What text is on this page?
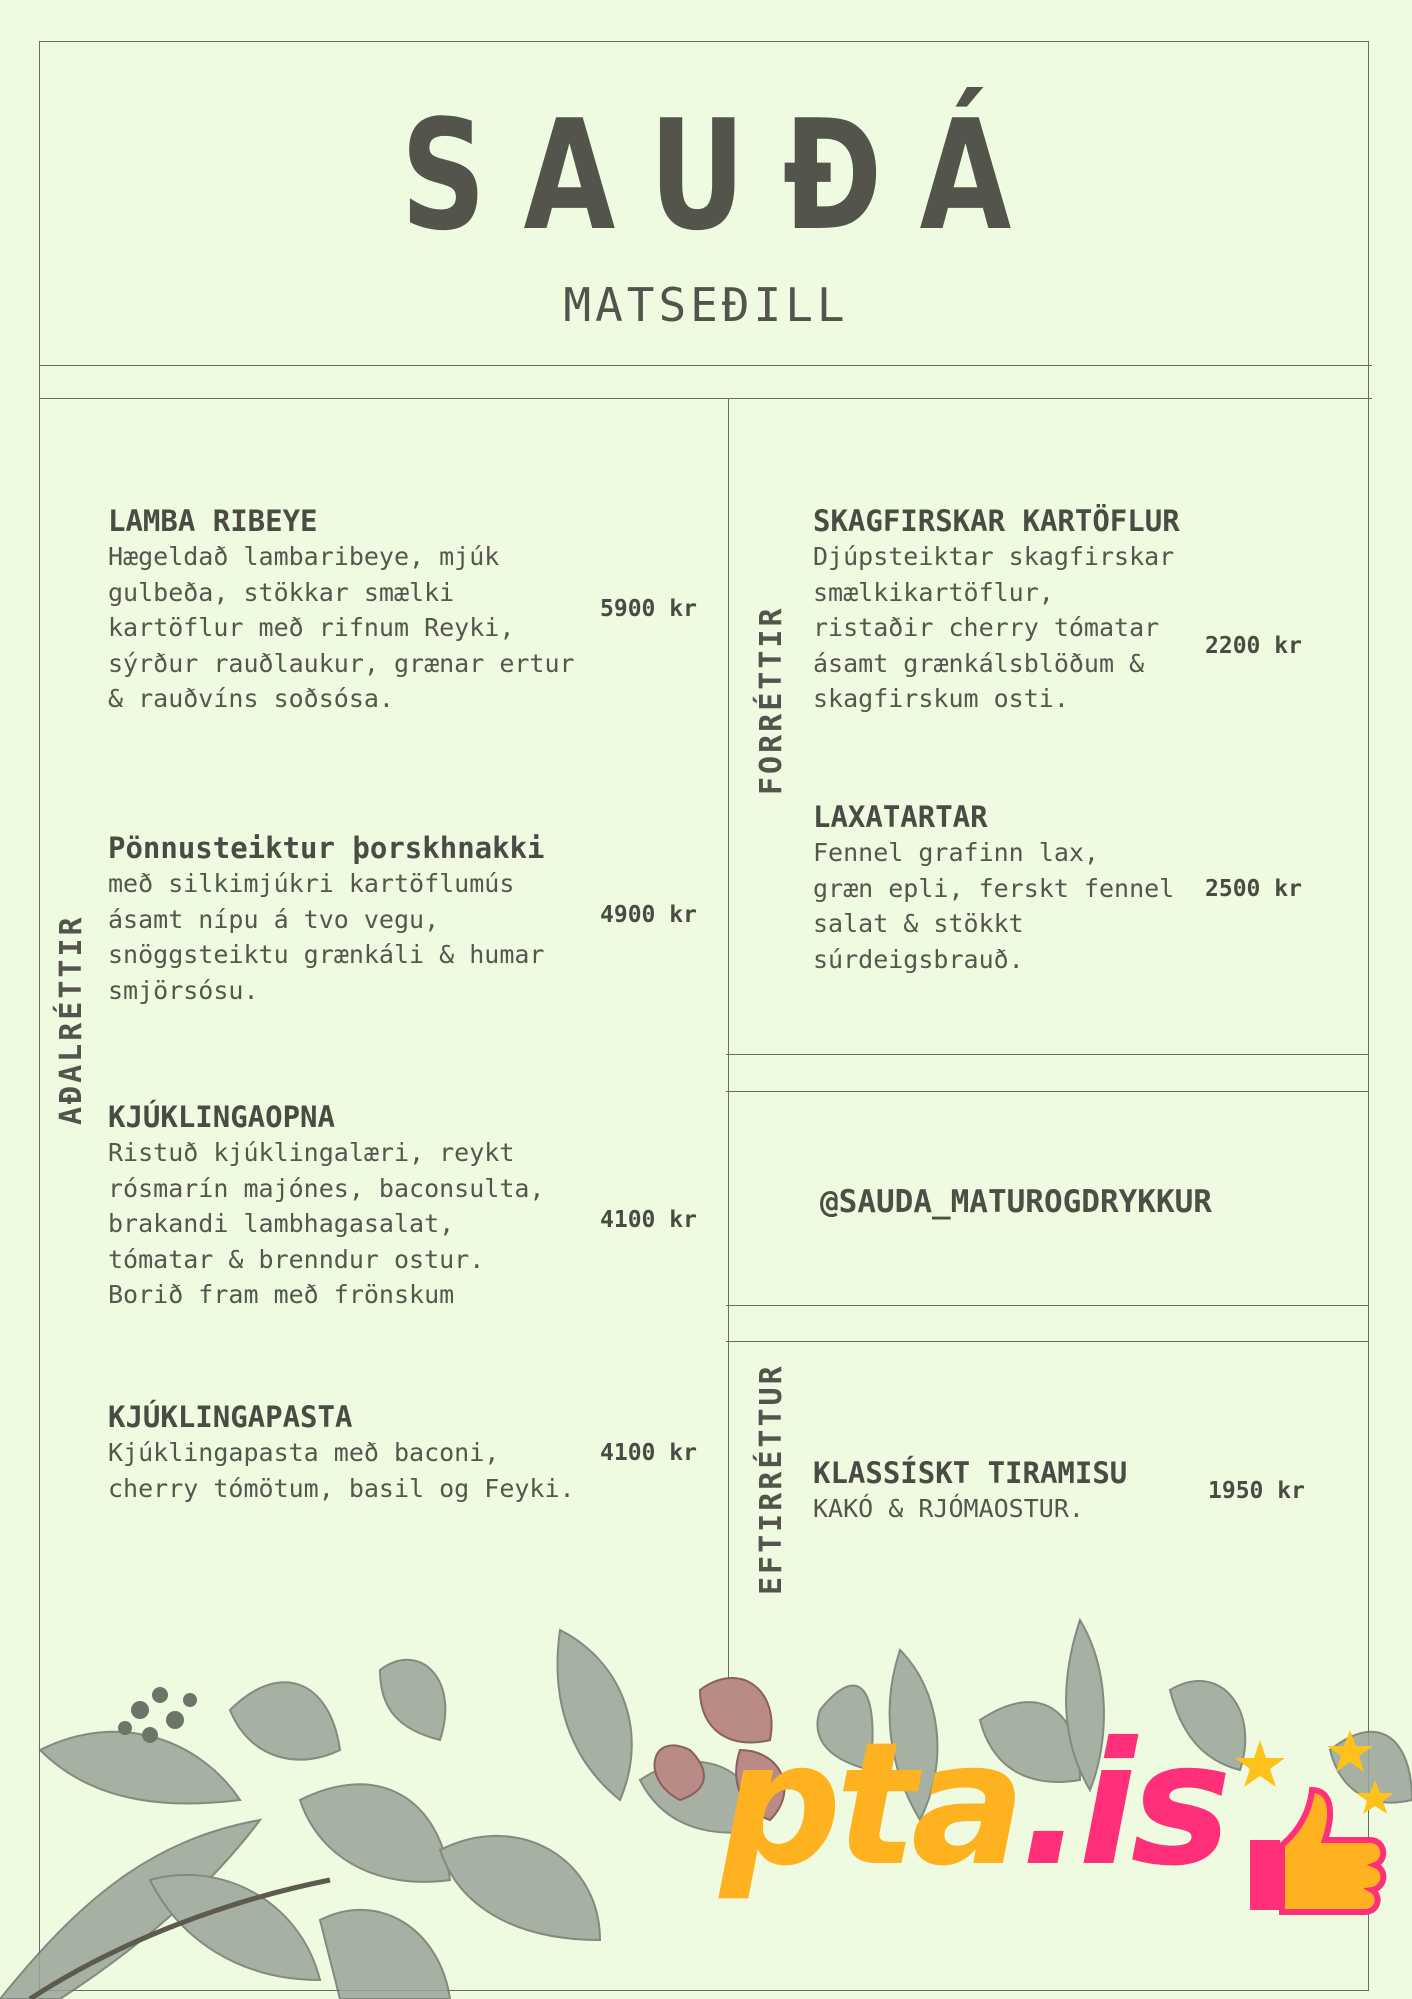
SAUÐÁ
MATSEÐILL
AÐALRÉTTIR
FORRÉTTIR
EFTIRRÉTTUR
LAMBA RIBEYE
Hægeldað lambaribeye, mjúk
gulbeða, stökkar smælki
kartöflur með rifnum Reyki,
sýrður rauðlaukur, grænar ertur
& rauðvíns soðsósa.
5900 kr
Pönnusteiktur þorskhnakki
með silkimjúkri kartöflumús
ásamt nípu á tvo vegu,
snöggsteiktu grænkáli & humar
smjörsósu.
4900 kr
KJÚKLINGAOPNA
Ristuð kjúklingalæri, reykt
rósmarín majónes, baconsulta,
brakandi lambhagasalat,
tómatar & brenndur ostur.
Borið fram með frönskum
4100 kr
KJÚKLINGAPASTA
Kjúklingapasta með baconi,
cherry tómötum, basil og Feyki.
4100 kr
SKAGFIRSKAR KARTÖFLUR
Djúpsteiktar skagfirskar
smælkikartöflur,
ristaðir cherry tómatar
ásamt grænkálsblöðum &
skagfirskum osti.
2200 kr
LAXATARTAR
Fennel grafinn lax,
græn epli, ferskt fennel
salat & stökkt
súrdeigsbrauð.
2500 kr
@SAUDA_MATUROGDRYKKUR
KLASSÍSKT TIRAMISU
KAKÓ & RJÓMAOSTUR.
1950 kr
pta.is
